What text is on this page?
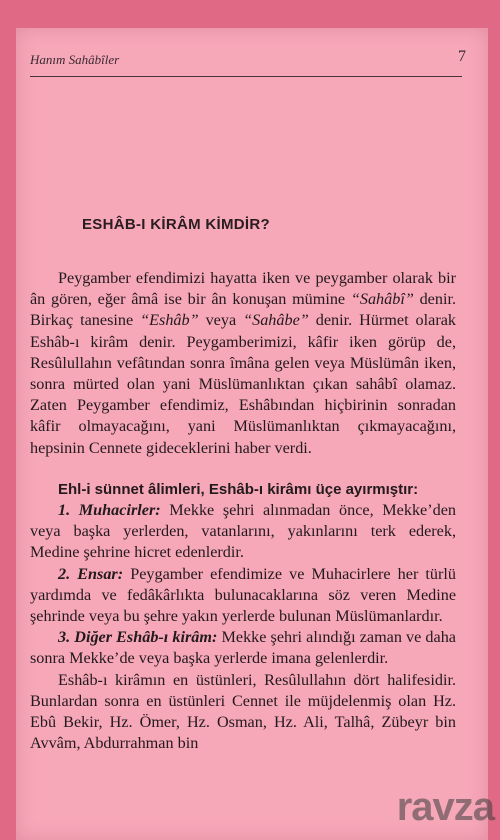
Hanım Sahâbîler	7
ESHÂB-I KİRÂM KİMDİR?

Peygamber efendimizi hayatta iken ve peygamber olarak bir ân gören, eğer âmâ ise bir ân konuşan mümine “Sahâbî” denir. Birkaç tanesine “Eshâb” veya “Sahâbe” denir. Hürmet olarak Eshâb-ı kirâm denir. Peygamberimizi, kâfir iken görüp de, Resûlullahın vefâtından sonra îmâna gelen veya Müslümân iken, sonra mürted olan yani Müslümanlıktan çıkan sahâbî olamaz. Zaten Peygamber efendimiz, Eshâbından hiçbirinin sonradan kâfir olmayacağını, yani Müslümanlıktan çıkmayacağını, hepsinin Cennete gideceklerini haber verdi.

Ehl-i sünnet âlimleri, Eshâb-ı kirâmı üçe ayırmıştır:

1. Muhacirler: Mekke şehri alınmadan önce, Mekke’den veya başka yerlerden, vatanlarını, yakınlarını terk ederek, Medine şehrine hicret edenlerdir.

2. Ensar: Peygamber efendimize ve Muhacirlere her türlü yardımda ve fedâkârlıkta bulunacaklarına söz veren Medine şehrinde veya bu şehre yakın yerlerde bulunan Müslümanlardır.

3. Diğer Eshâb-ı kirâm: Mekke şehri alındığı zaman ve daha sonra Mekke’de veya başka yerlerde imana gelenlerdir.

Eshâb-ı kirâmın en üstünleri, Resûlullahın dört halifesidir. Bunlardan sonra en üstünleri Cennet ile müjdelenmiş olan Hz. Ebû Bekir, Hz. Ömer, Hz. Osman, Hz. Ali, Talhâ, Zübeyr bin Avvâm, Abdurrahman bin

ravza
